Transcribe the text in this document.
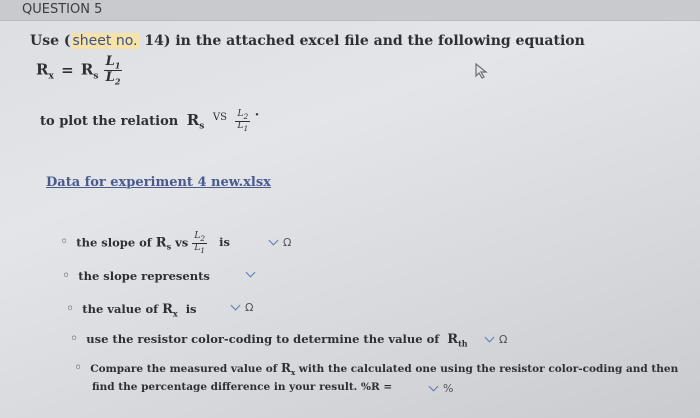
QUESTION 5
Use ( sheet no. 14) in the attached excel file and the following equation
$R_x = R_s \frac{L_1}{L_2}$
to plot the relation $R_s$ $^{VS} \frac{L_2}{L_1}$ ·
Data for experiment 4 new.xlsx
◦ the slope of $R_s$ vs $\frac{L_2}{L_1}$ is	Ω
◦ the slope represents
◦ the value of $R_x$ is	Ω
◦ use the resistor color-coding to determine the value of $R_{th}$	Ω
◦ Compare the measured value of $R_x$ with the calculated one using the resistor color-coding and then
find the percentage difference in your result. %R =	%
